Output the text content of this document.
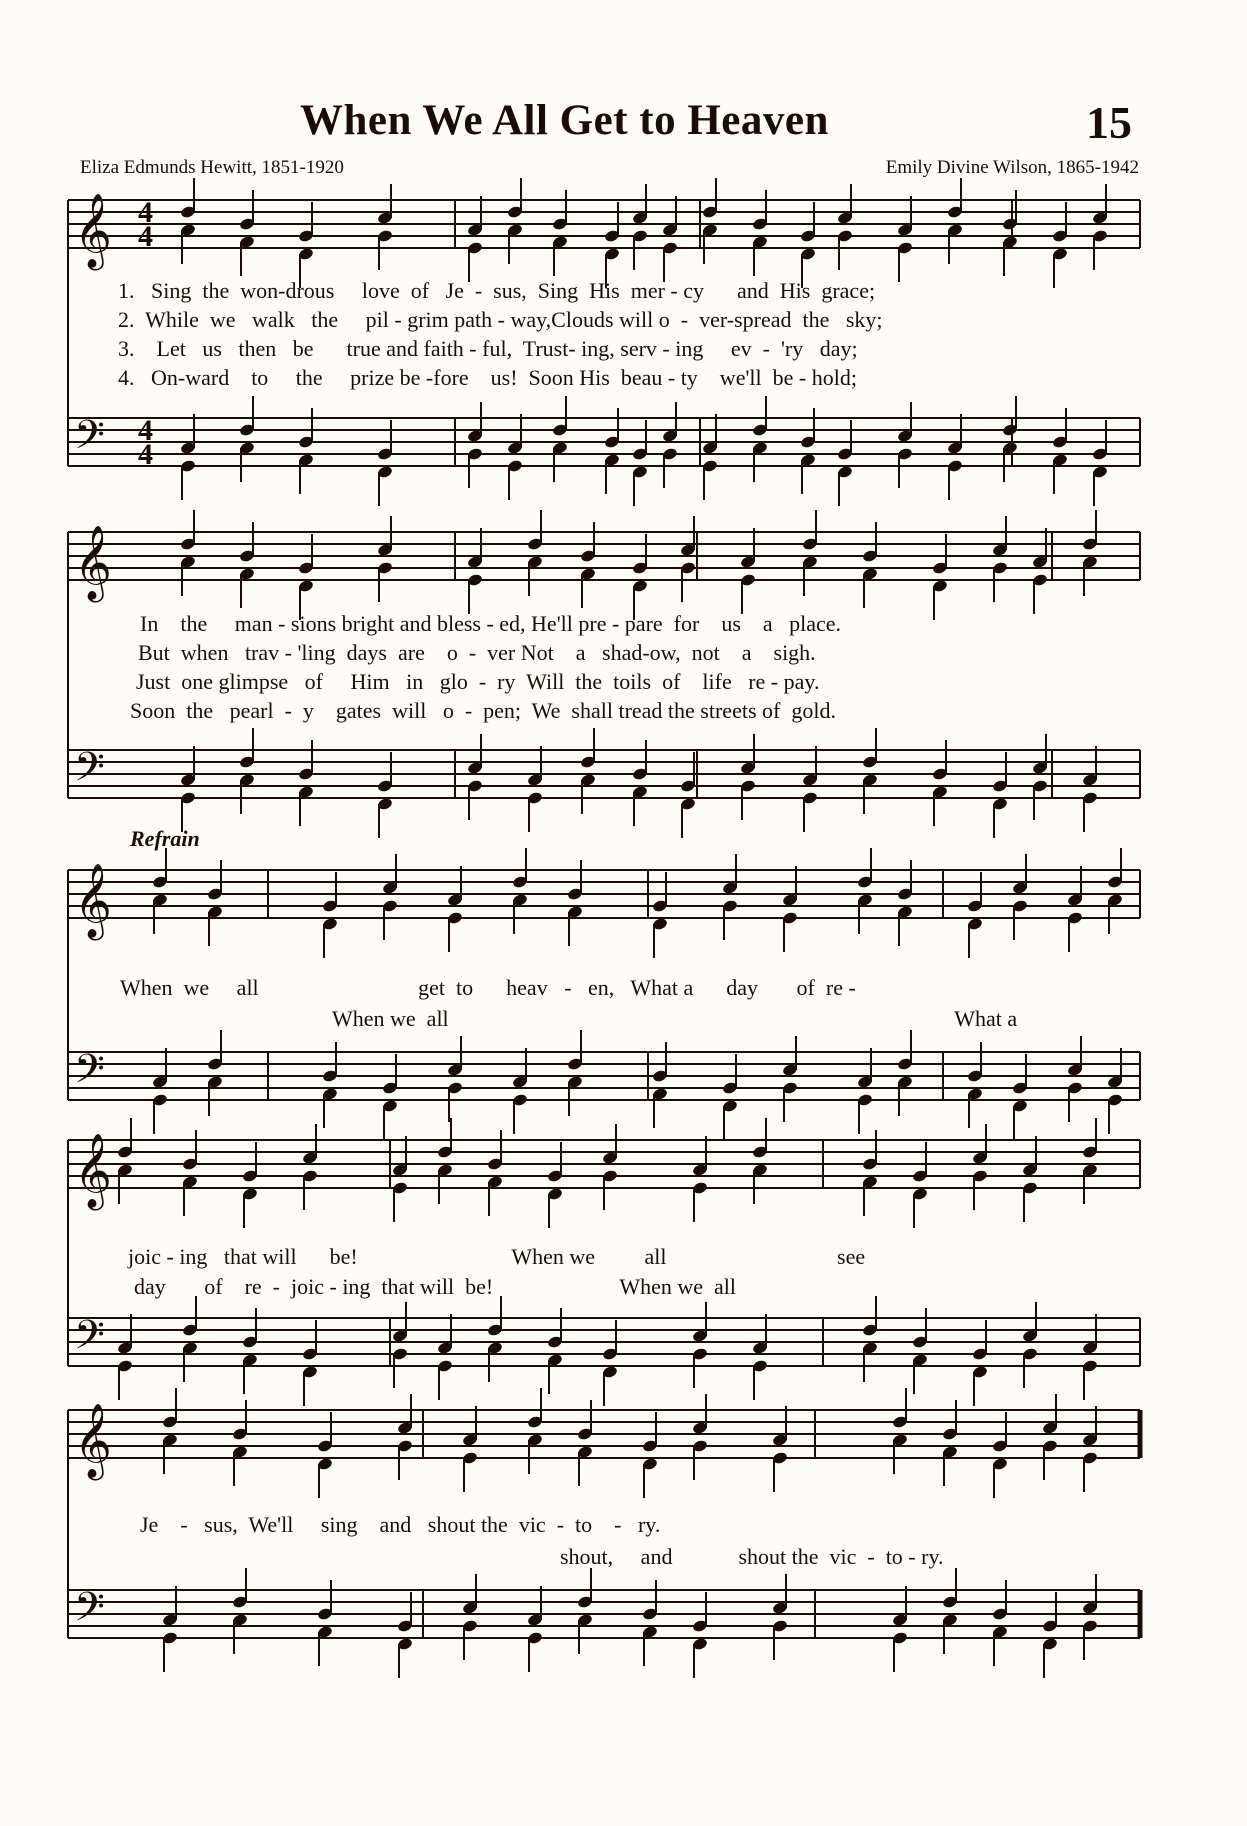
When We All Get to Heaven	15
Eliza Edmunds Hewitt, 1851-1920	Emily Divine Wilson, 1865-1942
1.   Sing  the  won-drous     love  of   Je  -  sus,  Sing  His  mer - cy      and  His  grace;
2.  While  we   walk   the     pil - grim path - way,Clouds will o  -  ver-spread  the   sky;
3.    Let   us   then   be      true and faith - ful,  Trust- ing, serv - ing     ev  -  'ry   day;
4.   On-ward    to     the     prize be -fore    us!  Soon His  beau - ty    we'll  be - hold;
In    the     man - sions bright and bless - ed, He'll pre - pare  for    us    a   place.
But  when   trav - 'ling  days  are    o  -  ver Not    a   shad-ow,  not    a    sigh.
Just  one glimpse   of     Him   in   glo  -  ry  Will  the  toils  of    life   re - pay.
Soon  the   pearl  -  y    gates  will   o  -  pen;  We  shall tread the streets of  gold.
Refrain
When  we     all                             get  to      heav   -   en,   What a      day       of  re -
When we  all                                                                                            What a
joic - ing   that will      be!                            When we         all                               see
day       of    re  -  joic - ing  that will  be!                       When we  all
Je    -   sus,  We'll     sing    and   shout the  vic  -  to    -   ry.
shout,     and            shout the  vic  -  to - ry.
𝄞 4
4
𝄢 4
4
𝄞
𝄢
𝄞
𝄢
𝄞
𝄢
𝄞
𝄢
